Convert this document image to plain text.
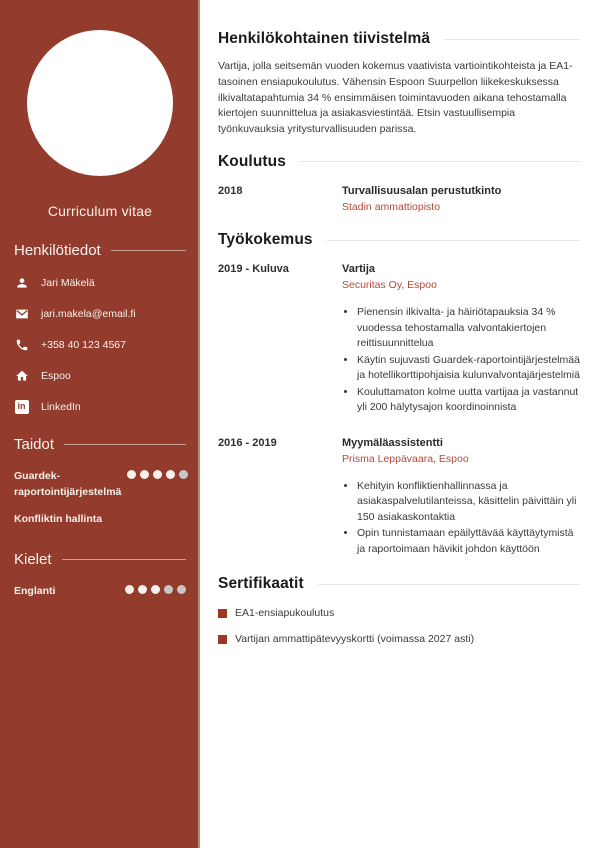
Curriculum vitae
Henkilötiedot
Jari Mäkelä
jari.makela@email.fi
+358 40 123 4567
Espoo
in LinkedIn
Taidot
Guardek-raportointijärjestelmä
Konfliktin hallinta
Kielet
Englanti
Henkilökohtainen tiivistelmä

Vartija, jolla seitsemän vuoden kokemus vaativista vartiointikohteista ja EA1-tasoinen ensiapukoulutus. Vähensin Espoon Suurpellon liikekeskuksessa ilkivaltatapahtumia 34 % ensimmäisen toimintavuoden aikana tehostamalla kiertojen suunnittelua ja asiakasviestintää. Etsin vastuullisempia työnkuvauksia yritysturvallisuuden parissa.

Koulutus
2018	Turvallisuusalan perustutkinto
Stadin ammattiopisto
Työkokemus
2019 - Kuluva	Vartija
Securitas Oy, Espoo
• Pienensin ilkivalta- ja häiriötapauksia 34 % vuodessa tehostamalla valvontakiertojen reittisuunnittelua
• Käytin sujuvasti Guardek-raportointijärjestelmää ja hotellikorttipohjaisia kulunvalvontajärjestelmiä
• Kouluttamaton kolme uutta vartijaa ja vastannut yli 200 hälytysajon koordinoinnista
2016 - 2019	Myymäläassistentti
Prisma Leppävaara, Espoo
• Kehityin konfliktienhallinnassa ja asiakaspalvelutilanteissa, käsittelin päivittäin yli 150 asiakaskontaktia
• Opin tunnistamaan epäilyttävää käyttäytymistä ja raportoimaan hävikit johdon käyttöön
Sertifikaatit
EA1-ensiapukoulutus
Vartijan ammattipätevyyskortti (voimassa 2027 asti)
